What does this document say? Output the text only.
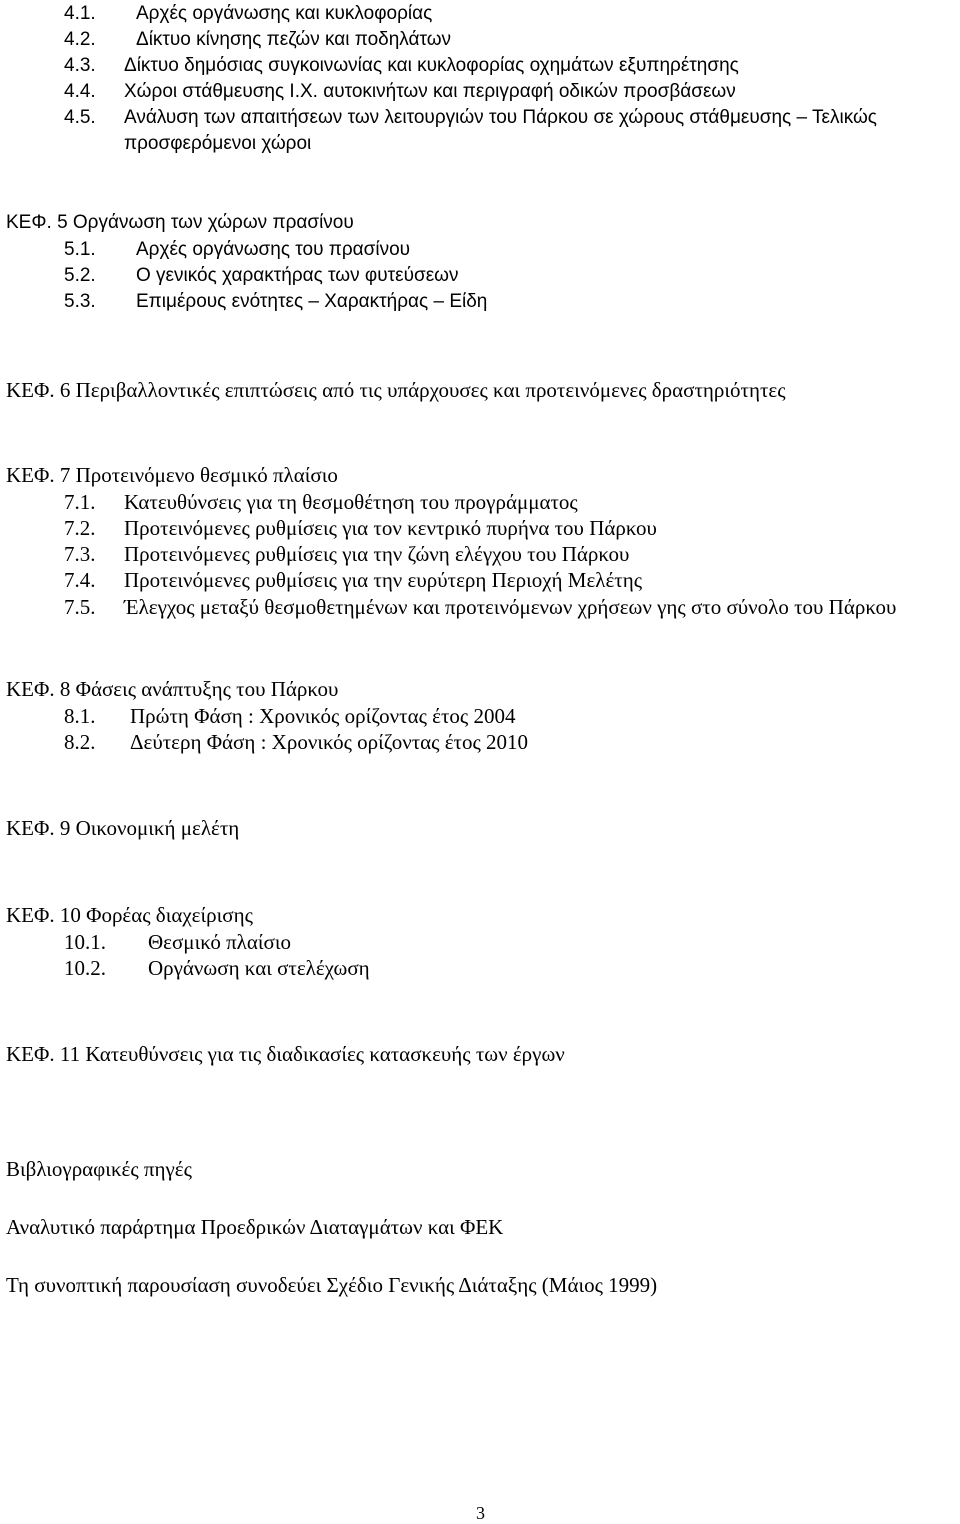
4.1. Αρχές οργάνωσης και κυκλοφορίας
4.2. Δίκτυο κίνησης πεζών και ποδηλάτων
4.3. Δίκτυο δημόσιας συγκοινωνίας και κυκλοφορίας οχημάτων εξυπηρέτησης
4.4. Χώροι στάθμευσης Ι.Χ. αυτοκινήτων και περιγραφή οδικών προσβάσεων
4.5. Ανάλυση των απαιτήσεων των λειτουργιών του Πάρκου σε χώρους στάθμευσης – Τελικώς
προσφερόμενοι χώροι
ΚΕΦ. 5 Οργάνωση των χώρων πρασίνου
5.1. Αρχές οργάνωσης του πρασίνου
5.2. Ο γενικός χαρακτήρας των φυτεύσεων
5.3. Επιμέρους ενότητες – Χαρακτήρας – Είδη
ΚΕΦ. 6 Περιβαλλοντικές επιπτώσεις από τις υπάρχουσες και προτεινόμενες δραστηριότητες
ΚΕΦ. 7 Προτεινόμενο θεσμικό πλαίσιο
7.1. Κατευθύνσεις για τη θεσμοθέτηση του προγράμματος
7.2. Προτεινόμενες ρυθμίσεις για τον κεντρικό πυρήνα του Πάρκου
7.3. Προτεινόμενες ρυθμίσεις για την ζώνη ελέγχου του Πάρκου
7.4. Προτεινόμενες ρυθμίσεις για την ευρύτερη Περιοχή Μελέτης
7.5. Έλεγχος μεταξύ θεσμοθετημένων και προτεινόμενων χρήσεων γης στο σύνολο του Πάρκου
ΚΕΦ. 8 Φάσεις ανάπτυξης του Πάρκου
8.1. Πρώτη Φάση : Χρονικός ορίζοντας έτος 2004
8.2. Δεύτερη Φάση : Χρονικός ορίζοντας έτος 2010
ΚΕΦ. 9 Οικονομική μελέτη
ΚΕΦ. 10 Φορέας διαχείρισης
10.1. Θεσμικό πλαίσιο
10.2. Οργάνωση και στελέχωση
ΚΕΦ. 11 Κατευθύνσεις για τις διαδικασίες κατασκευής των έργων
Βιβλιογραφικές πηγές
Αναλυτικό παράρτημα Προεδρικών Διαταγμάτων και ΦΕΚ
Τη συνοπτική παρουσίαση συνοδεύει Σχέδιο Γενικής Διάταξης (Μάιος 1999)
3
